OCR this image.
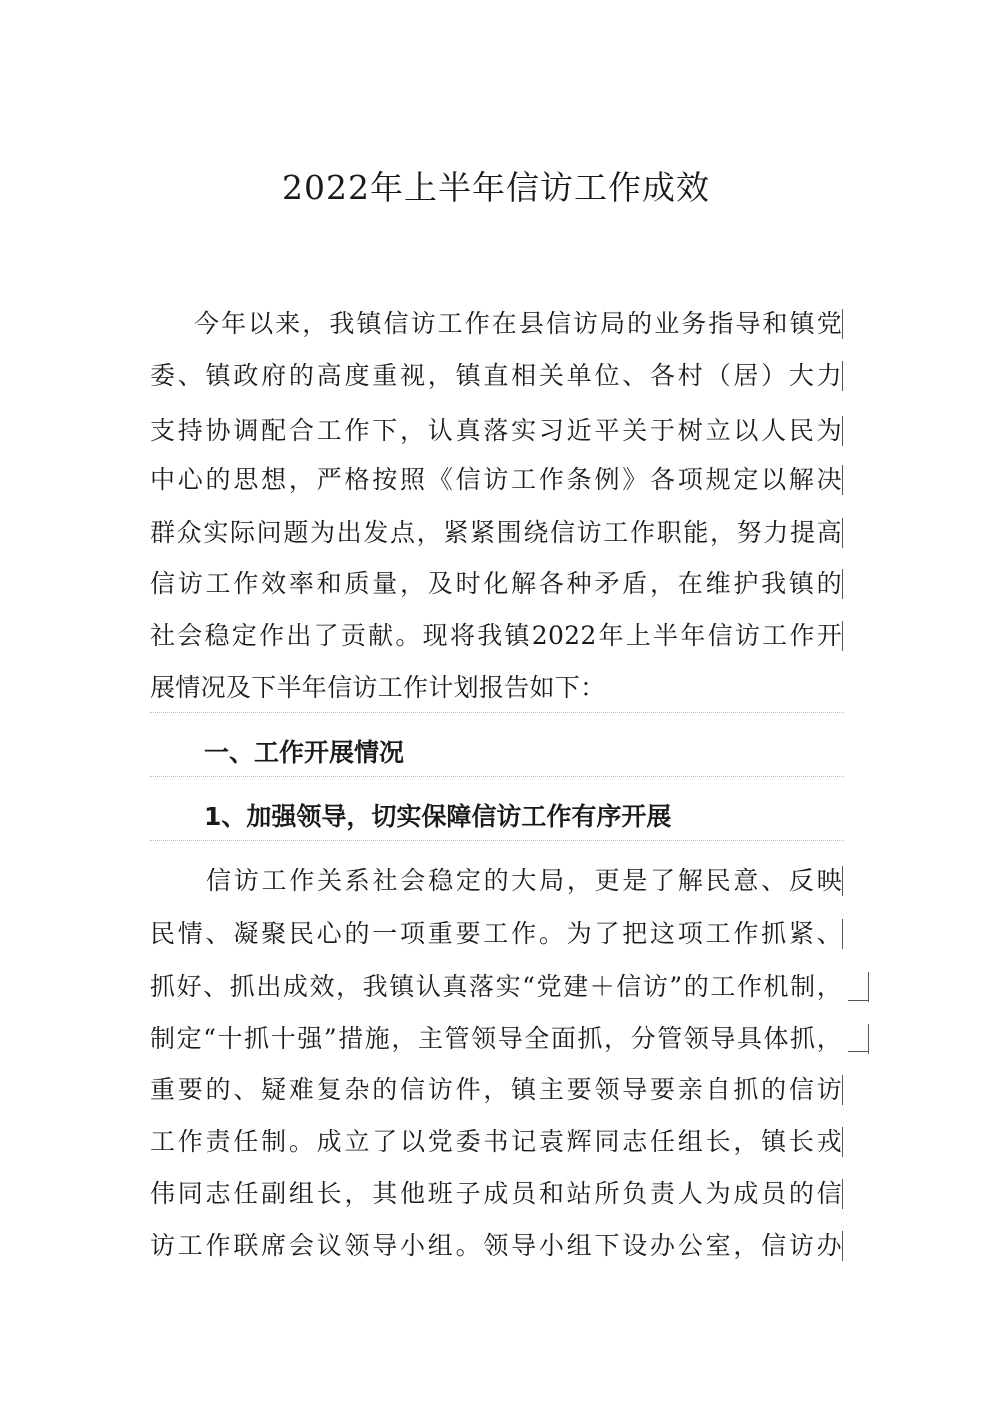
2022年上半年信访工作成效
今年以来，我镇信访工作在县信访局的业务指导和镇党
委、镇政府的高度重视，镇直相关单位、各村（居）大力
支持协调配合工作下，认真落实习近平关于树立以人民为
中心的思想，严格按照《信访工作条例》各项规定以解决
群众实际问题为出发点，紧紧围绕信访工作职能，努力提高
信访工作效率和质量，及时化解各种矛盾，在维护我镇的
社会稳定作出了贡献。现将我镇2022年上半年信访工作开
展情况及下半年信访工作计划报告如下：
一、工作开展情况
1、加强领导，切实保障信访工作有序开展
信访工作关系社会稳定的大局，更是了解民意、反映
民情、凝聚民心的一项重要工作。为了把这项工作抓紧、
抓好、抓出成效，我镇认真落实“党建＋信访”的工作机制，
制定“十抓十强”措施，主管领导全面抓，分管领导具体抓，
重要的、疑难复杂的信访件，镇主要领导要亲自抓的信访
工作责任制。成立了以党委书记袁辉同志任组长，镇长戎
伟同志任副组长，其他班子成员和站所负责人为成员的信
访工作联席会议领导小组。领导小组下设办公室，信访办
